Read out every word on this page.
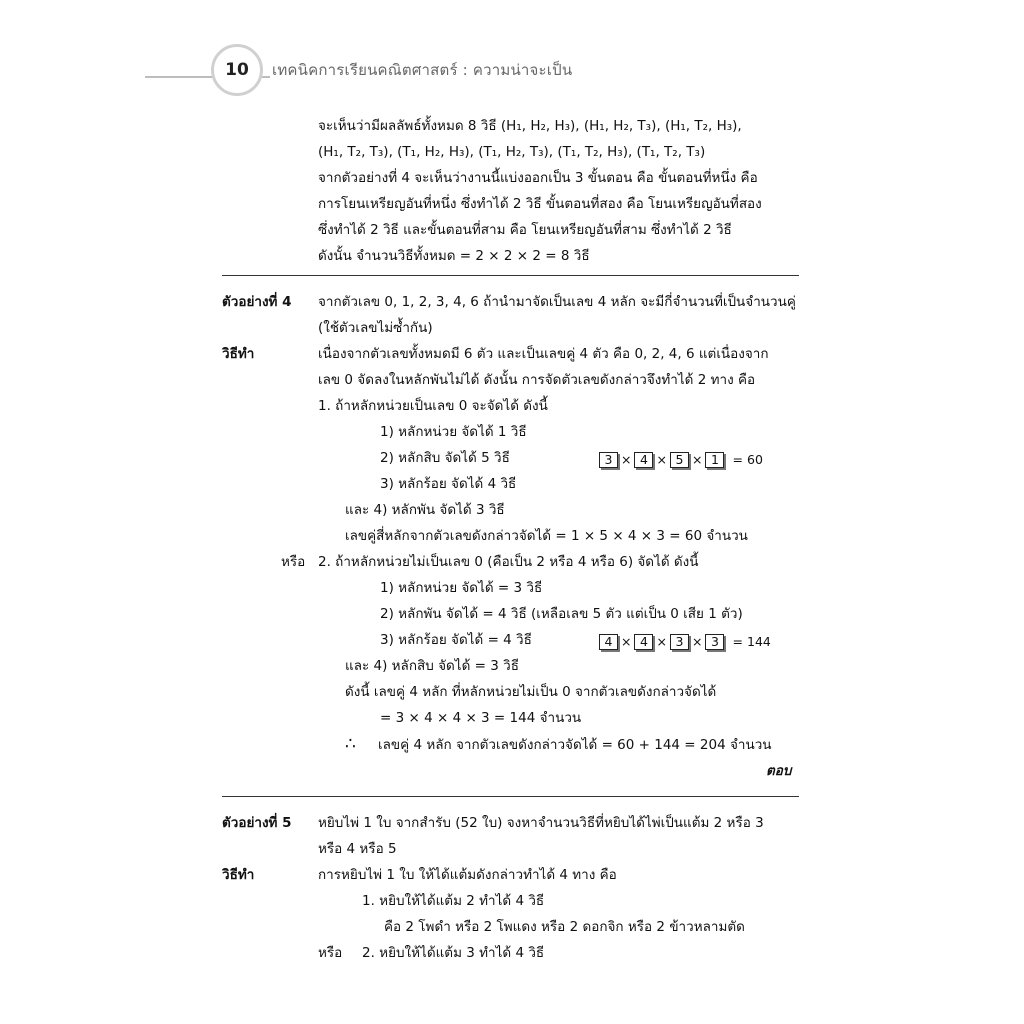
10	เทคนิคการเรียนคณิตศาสตร์ : ความน่าจะเป็น
จะเห็นว่ามีผลลัพธ์ทั้งหมด 8 วิธี (H₁, H₂, H₃), (H₁, H₂, T₃), (H₁, T₂, H₃),
(H₁, T₂, T₃), (T₁, H₂, H₃), (T₁, H₂, T₃), (T₁, T₂, H₃), (T₁, T₂, T₃)
จากตัวอย่างที่ 4 จะเห็นว่างานนี้แบ่งออกเป็น 3 ขั้นตอน คือ ขั้นตอนที่หนึ่ง คือ
การโยนเหรียญอันที่หนึ่ง ซึ่งทำได้ 2 วิธี ขั้นตอนที่สอง คือ โยนเหรียญอันที่สอง
ซึ่งทำได้ 2 วิธี และขั้นตอนที่สาม คือ โยนเหรียญอันที่สาม ซึ่งทำได้ 2 วิธี
ดังนั้น จำนวนวิธีทั้งหมด = 2 × 2 × 2 = 8 วิธี
ตัวอย่างที่ 4 จากตัวเลข 0, 1, 2, 3, 4, 6 ถ้านำมาจัดเป็นเลข 4 หลัก จะมีกี่จำนวนที่เป็นจำนวนคู่
(ใช้ตัวเลขไม่ซ้ำกัน)
วิธีทำ	เนื่องจากตัวเลขทั้งหมดมี 6 ตัว และเป็นเลขคู่ 4 ตัว คือ 0, 2, 4, 6 แต่เนื่องจาก
เลข 0 จัดลงในหลักพันไม่ได้ ดังนั้น การจัดตัวเลขดังกล่าวจึงทำได้ 2 ทาง คือ
1. ถ้าหลักหน่วยเป็นเลข 0 จะจัดได้ ดังนี้
1) หลักหน่วย จัดได้ 1 วิธี
2) หลักสิบ จัดได้ 5 วิธี
3) หลักร้อย จัดได้ 4 วิธี
และ 4) หลักพัน จัดได้ 3 วิธี
3 × 4 × 5 × 1 = 60
เลขคู่สี่หลักจากตัวเลขดังกล่าวจัดได้ = 1 × 5 × 4 × 3 = 60 จำนวน
หรือ 2. ถ้าหลักหน่วยไม่เป็นเลข 0 (คือเป็น 2 หรือ 4 หรือ 6) จัดได้ ดังนี้
1) หลักหน่วย จัดได้ = 3 วิธี
2) หลักพัน จัดได้ = 4 วิธี (เหลือเลข 5 ตัว แต่เป็น 0 เสีย 1 ตัว)
3) หลักร้อย จัดได้ = 4 วิธี
และ 4) หลักสิบ จัดได้ = 3 วิธี
4 × 4 × 3 × 3 = 144
ดังนี้ เลขคู่ 4 หลัก ที่หลักหน่วยไม่เป็น 0 จากตัวเลขดังกล่าวจัดได้
= 3 × 4 × 4 × 3 = 144 จำนวน
∴ เลขคู่ 4 หลัก จากตัวเลขดังกล่าวจัดได้ = 60 + 144 = 204 จำนวน
ตอบ
ตัวอย่างที่ 5 หยิบไพ่ 1 ใบ จากสำรับ (52 ใบ) จงหาจำนวนวิธีที่หยิบได้ไพ่เป็นแต้ม 2 หรือ 3
หรือ 4 หรือ 5
วิธีทำ	การหยิบไพ่ 1 ใบ ให้ได้แต้มดังกล่าวทำได้ 4 ทาง คือ
1. หยิบให้ได้แต้ม 2 ทำได้ 4 วิธี
คือ 2 โพดำ หรือ 2 โพแดง หรือ 2 ดอกจิก หรือ 2 ข้าวหลามตัด
หรือ 2. หยิบให้ได้แต้ม 3 ทำได้ 4 วิธี
